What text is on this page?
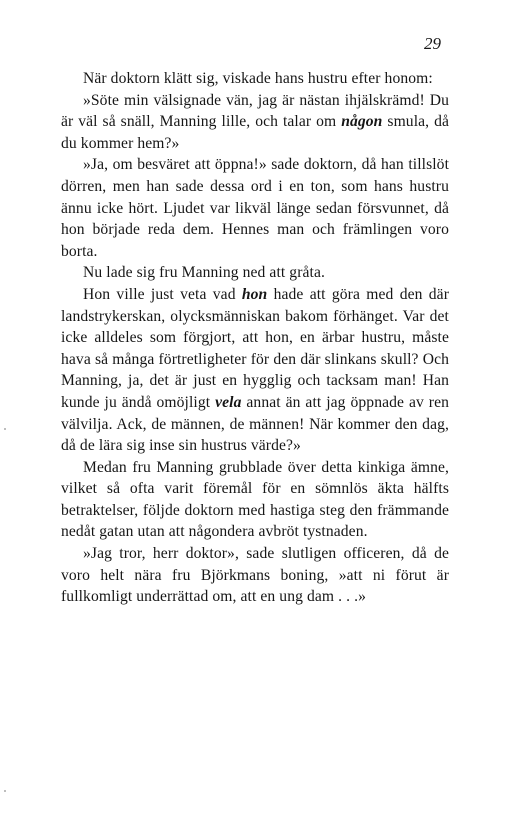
29

När doktorn klätt sig, viskade hans hustru efter honom:

»Söte min välsignade vän, jag är nästan ihjälskrämd! Du är väl så snäll, Manning lille, och talar om någon smula, då du kommer hem?»

»Ja, om besväret att öppna!» sade doktorn, då han tillslöt dörren, men han sade dessa ord i en ton, som hans hustru ännu icke hört. Ljudet var likväl länge sedan försvunnet, då hon började reda dem. Hennes man och främlingen voro borta.

Nu lade sig fru Manning ned att gråta.

Hon ville just veta vad hon hade att göra med den där landstrykerskan, olycksmänniskan bakom förhänget. Var det icke alldeles som förgjort, att hon, en ärbar hustru, måste hava så många förtretligheter för den där slinkans skull? Och Manning, ja, det är just en hygglig och tacksam man! Han kunde ju ändå omöjligt vela annat än att jag öppnade av ren välvilja. Ack, de männen, de männen! När kommer den dag, då de lära sig inse sin hustrus värde?»

Medan fru Manning grubblade över detta kinkiga ämne, vilket så ofta varit föremål för en sömnlös äkta hälfts betraktelser, följde doktorn med hastiga steg den främmande nedåt gatan utan att någondera avbröt tystnaden.

»Jag tror, herr doktor», sade slutligen officeren, då de voro helt nära fru Björkmans boning, »att ni förut är fullkomligt underrättad om, att en ung dam . . .»
